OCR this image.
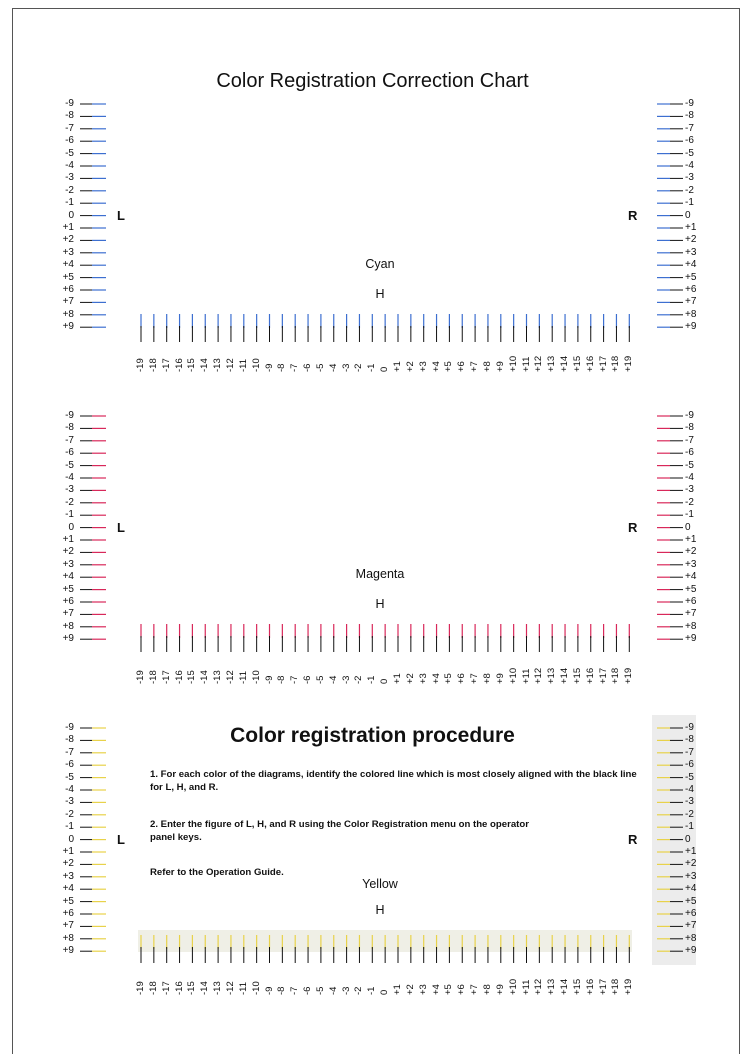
Color Registration Correction Chart
-9	-9
-8	-8
-7	-7
-6	-6
-5	-5
-4	-4
-3	-3
-2	-2
-1	-1
0	0
+1	+1
+2	+2
+3	+3
+4	+4
+5	+5
+6	+6
+7	+7
+8	+8
+9	+9
L	R
Cyan
H
-19 -18 -17 -16 -15 -14 -13 -12 -11 -10 -9 -8 -7 -6 -5 -4 -3 -2 -1 0 +1 +2 +3 +4 +5 +6 +7 +8 +9 +10 +11 +12 +13 +14 +15 +16 +17 +18 +19
-9	-9
-8	-8
-7	-7
-6	-6
-5	-5
-4	-4
-3	-3
-2	-2
-1	-1
0	0
+1	+1
+2	+2
+3	+3
+4	+4
+5	+5
+6	+6
+7	+7
+8	+8
+9	+9
L	R
Magenta
H
-19 -18 -17 -16 -15 -14 -13 -12 -11 -10 -9 -8 -7 -6 -5 -4 -3 -2 -1 0 +1 +2 +3 +4 +5 +6 +7 +8 +9 +10 +11 +12 +13 +14 +15 +16 +17 +18 +19
-9	-9
-8	-8
-7	-7
-6	-6
-5	-5
-4	-4
-3	-3
-2	-2
-1	-1
0	0
+1	+1
+2	+2
+3	+3
+4	+4
+5	+5
+6	+6
+7	+7
+8	+8
+9	+9
L	R
Yellow
H
-19 -18 -17 -16 -15 -14 -13 -12 -11 -10 -9 -8 -7 -6 -5 -4 -3 -2 -1 0 +1 +2 +3 +4 +5 +6 +7 +8 +9 +10 +11 +12 +13 +14 +15 +16 +17 +18 +19
Color registration procedure

1. For each color of the diagrams, identify the colored line which is most closely aligned with the black line for L, H, and R.

2. Enter the figure of L, H, and R using the Color Registration menu on the operator panel keys.

Refer to the Operation Guide.
